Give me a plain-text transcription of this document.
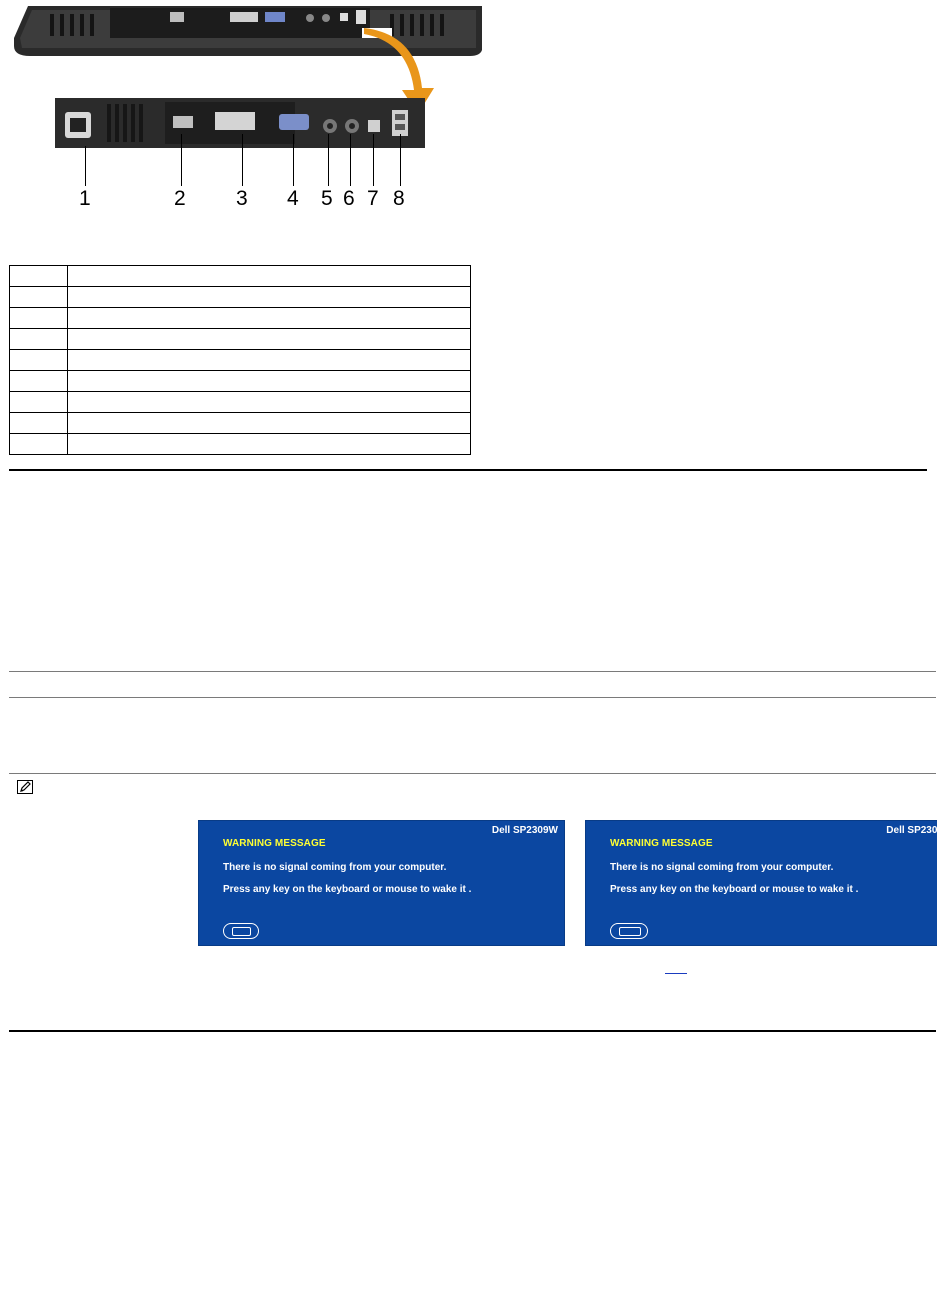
1	2 3 4 5 6 7 8

Dell SP2309W
WARNING MESSAGE
There is no signal coming from your computer.
Press any key on the keyboard or mouse to wake it .
Dell SP2309
WARNING MESSAGE
There is no signal coming from your computer.
Press any key on the keyboard or mouse to wake it .
